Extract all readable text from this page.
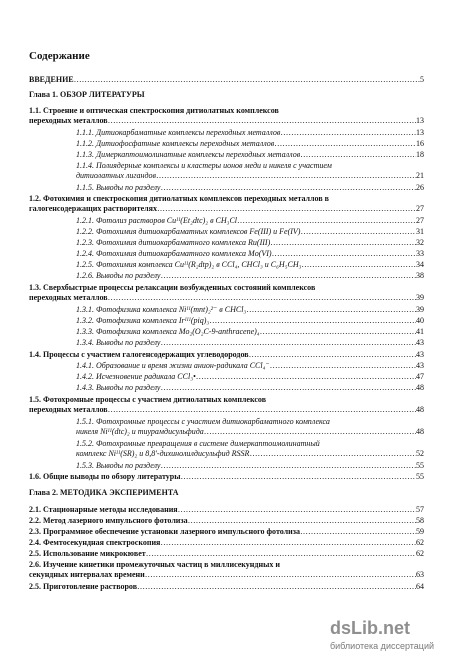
Содержание
ВВЕДЕНИЕ …………………………………………………………………………………………………………………………………………………………	5
Глава 1. ОБЗОР ЛИТЕРАТУРЫ
1.1. Строение и оптическая спектроскопия дитиолатных комплексов
переходных металлов …………………………………………………………………………………………………………………………………………………………	13
1.1.1. Дитиокарбаматные комплексы переходных металлов …………………………………………………………………………………………………………………………………………………………	13
1.1.2. Дитиофосфатные комплексы переходных металлов …………………………………………………………………………………………………………………………………………………………	16
1.1.3. Димеркаптоимолинатные комплексы переходных металлов …………………………………………………………………………………………………………………………………………………………	18
1.1.4. Полиядерные комплексы и кластеры ионов меди и никеля с участием
дитиолатных лигандов …………………………………………………………………………………………………………………………………………………………	21
1.1.5. Выводы по разделу …………………………………………………………………………………………………………………………………………………………	26
1.2. Фотохимия и спектроскопия дитиолатных комплексов переходных металлов в
галогенсодержащих растворителях …………………………………………………………………………………………………………………………………………………………	27
1.2.1. Фотолиз растворов Cuᴵᴵ(Et₂dtc)₂ в CH₃Cl …………………………………………………………………………………………………………………………………………………………	27
1.2.2. Фотохимия дитиокарбаматных комплексов Fe(III) и Fe(IV) …………………………………………………………………………………………………………………………………………………………	31
1.2.3. Фотохимия дитиокарбаматного комплекса Ru(III) …………………………………………………………………………………………………………………………………………………………	32
1.2.4. Фотохимия дитиокарбаматного комплекса Mo(VI) …………………………………………………………………………………………………………………………………………………………	33
1.2.5. Фотохимия комплекса Cuᴵᴵ(R₂dtp)₂ в CCl₄, CHCl₃ и C₆H₅CH₃ …………………………………………………………………………………………………………………………………………………………	34
1.2.6. Выводы по разделу …………………………………………………………………………………………………………………………………………………………	38
1.3. Сверхбыстрые процессы релаксации возбужденных состояний комплексов
переходных металлов …………………………………………………………………………………………………………………………………………………………	39
1.3.1. Фотофизика комплекса Niᴵᴵ(mnt)₂²⁻ в CHCl₃ …………………………………………………………………………………………………………………………………………………………	39
1.3.2. Фотофизика комплекса Irᴵᴵᴵ(piq)₃ …………………………………………………………………………………………………………………………………………………………	40
1.3.3. Фотофизика комплекса Mo₂(O₂C-9-anthracene)₄ …………………………………………………………………………………………………………………………………………………………	41
1.3.4. Выводы по разделу …………………………………………………………………………………………………………………………………………………………	43
1.4. Процессы с участием галогенсодержащих углеводородов …………………………………………………………………………………………………………………………………………………………	43
1.4.1. Образование и время жизни анион-радикала CCl₄⁻ …………………………………………………………………………………………………………………………………………………………	43
1.4.2. Исчезновение радикала CCl₃• …………………………………………………………………………………………………………………………………………………………	47
1.4.3. Выводы по разделу …………………………………………………………………………………………………………………………………………………………	48
1.5. Фотохромные процессы с участием дитиолатных комплексов
переходных металлов …………………………………………………………………………………………………………………………………………………………	48
1.5.1. Фотохромные процессы с участием дитиокарбаматного комплекса
никеля Niᴵᴵ(dtc)₂ и тиурамдисульфида …………………………………………………………………………………………………………………………………………………………	48
1.5.2. Фотохромные превращения в системе димеркаптоимолинатный
комплекс Niᴵᴵ(SR)₂ и 8,8'-дихинолилдисульфид RSSR …………………………………………………………………………………………………………………………………………………………	52
1.5.3. Выводы по разделу …………………………………………………………………………………………………………………………………………………………	55
1.6. Общие выводы по обзору литературы …………………………………………………………………………………………………………………………………………………………	55
Глава 2. МЕТОДИКА ЭКСПЕРИМЕНТА
2.1. Стационарные методы исследования …………………………………………………………………………………………………………………………………………………………	57
2.2. Метод лазерного импульсного фотолиза …………………………………………………………………………………………………………………………………………………………	58
2.3. Программное обеспечение установки лазерного импульсного фотолиза …………………………………………………………………………………………………………………………………………………………	59
2.4. Фемтосекундная спектроскопия …………………………………………………………………………………………………………………………………………………………	62
2.5. Использование микрокювет …………………………………………………………………………………………………………………………………………………………	62
2.6. Изучение кинетики промежуточных частиц в миллисекундных и
секундных интервалах времени …………………………………………………………………………………………………………………………………………………………	63
2.5. Приготовление растворов …………………………………………………………………………………………………………………………………………………………	64
dsLib.net
библиотека диссертаций
